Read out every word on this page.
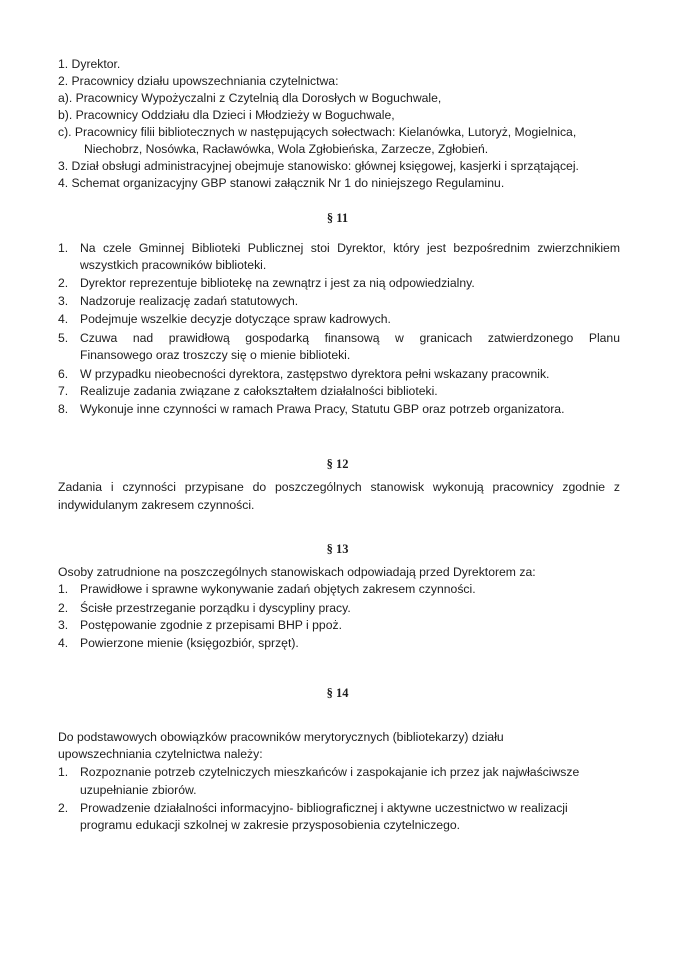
1. Dyrektor.
2. Pracownicy działu upowszechniania czytelnictwa:
a). Pracownicy Wypożyczalni z Czytelnią dla Dorosłych w Boguchwale,
b). Pracownicy Oddziału dla Dzieci i Młodzieży w Boguchwale,
c). Pracownicy filii bibliotecznych w następujących sołectwach: Kielanówka, Lutoryż, Mogielnica,
Niechobrz, Nosówka, Racławówka, Wola Zgłobieńska, Zarzecze, Zgłobień.
3. Dział obsługi administracyjnej obejmuje stanowisko: głównej księgowej, kasjerki i sprzątającej.
4. Schemat organizacyjny GBP stanowi załącznik Nr 1 do niniejszego Regulaminu.
§ 11
1. Na czele Gminnej Biblioteki Publicznej stoi Dyrektor, który jest bezpośrednim zwierzchnikiem
wszystkich pracowników biblioteki.
2. Dyrektor reprezentuje bibliotekę na zewnątrz i jest za nią odpowiedzialny.
3. Nadzoruje realizację zadań statutowych.
4. Podejmuje wszelkie decyzje dotyczące spraw kadrowych.
5. Czuwa nad prawidłową gospodarką finansową w granicach zatwierdzonego Planu
Finansowego oraz troszczy się o mienie biblioteki.
6. W przypadku nieobecności dyrektora, zastępstwo dyrektora pełni wskazany pracownik.
7. Realizuje zadania związane z całokształtem działalności biblioteki.
8. Wykonuje inne czynności w ramach Prawa Pracy, Statutu GBP oraz potrzeb organizatora.
§ 12
Zadania i czynności przypisane do poszczególnych stanowisk wykonują pracownicy zgodnie z
indywidulanym zakresem czynności.
§ 13
Osoby zatrudnione na poszczególnych stanowiskach odpowiadają przed Dyrektorem za:
1. Prawidłowe i sprawne wykonywanie zadań objętych zakresem czynności.
2. Ścisłe przestrzeganie porządku i dyscypliny pracy.
3. Postępowanie zgodnie z przepisami BHP i ppoż.
4. Powierzone mienie (księgozbiór, sprzęt).
§ 14
Do podstawowych obowiązków pracowników merytorycznych (bibliotekarzy) działu
upowszechniania czytelnictwa należy:
1. Rozpoznanie potrzeb czytelniczych mieszkańców i zaspokajanie ich przez jak najwłaściwsze
uzupełnianie zbiorów.
2. Prowadzenie działalności informacyjno- bibliograficznej i aktywne uczestnictwo w realizacji
programu edukacji szkolnej w zakresie przysposobienia czytelniczego.
